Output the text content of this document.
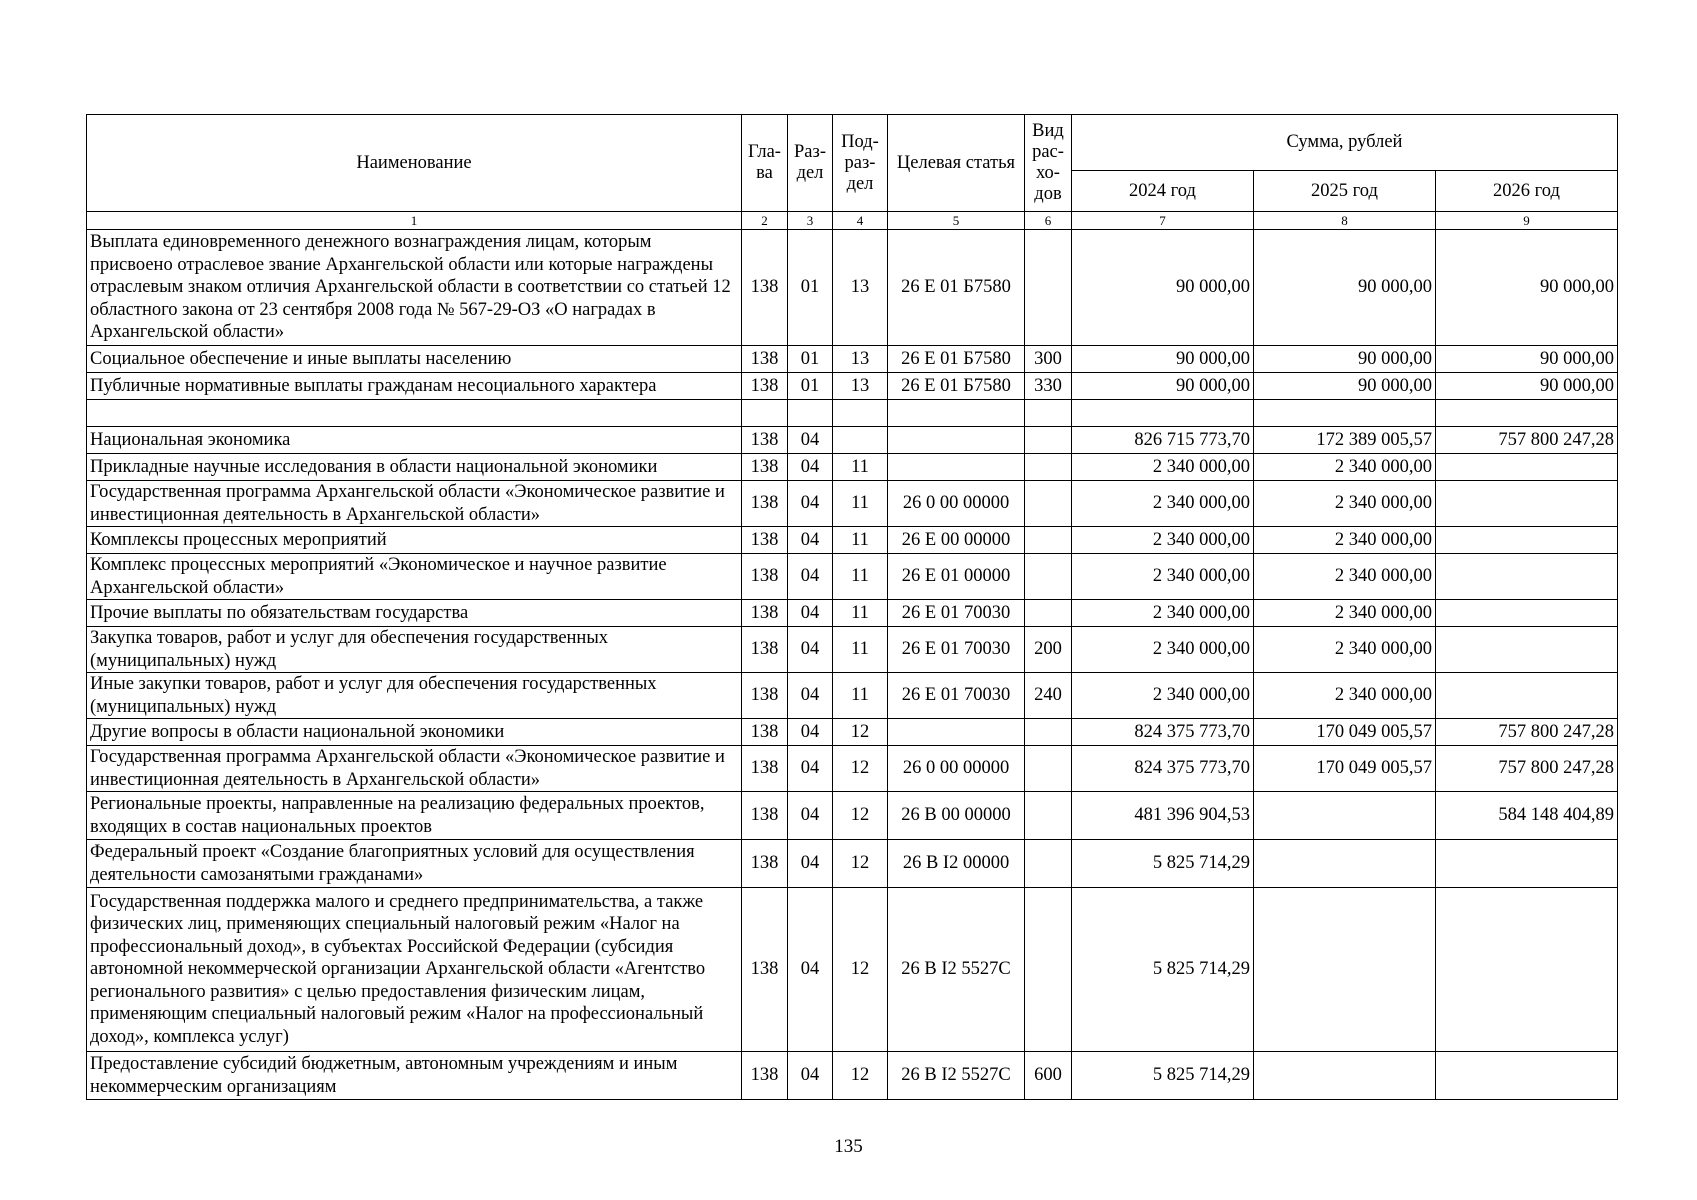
Наименование	Гла-ва	Раз-дел	Под-раз-дел	Целевая статья	Вид рас-хо-дов	Сумма, рублей		
						2024 год	2025 год	2026 год
1	2	3	4	5	6	7	8	9
Выплата единовременного денежного вознаграждения лицам, которым присвоено отраслевое звание Архангельской области или которые награждены отраслевым знаком отличия Архангельской области в соответствии со статьей 12 областного закона от 23 сентября 2008 года № 567-29-ОЗ «О наградах в Архангельской области»	138	01	13	26 Е 01 Б7580		90 000,00	90 000,00	90 000,00
Социальное обеспечение и иные выплаты населению	138	01	13	26 Е 01 Б7580	300	90 000,00	90 000,00	90 000,00
Публичные нормативные выплаты гражданам несоциального характера	138	01	13	26 Е 01 Б7580	330	90 000,00	90 000,00	90 000,00

Национальная экономика	138	04				826 715 773,70	172 389 005,57	757 800 247,28
Прикладные научные исследования в области национальной экономики	138	04	11			2 340 000,00	2 340 000,00	
Государственная программа Архангельской области «Экономическое развитие и инвестиционная деятельность в Архангельской области»	138	04	11	26 0 00 00000		2 340 000,00	2 340 000,00	
Комплексы процессных мероприятий	138	04	11	26 Е 00 00000		2 340 000,00	2 340 000,00	
Комплекс процессных мероприятий «Экономическое и научное развитие Архангельской области»	138	04	11	26 Е 01 00000		2 340 000,00	2 340 000,00	
Прочие выплаты по обязательствам государства	138	04	11	26 Е 01 70030		2 340 000,00	2 340 000,00	
Закупка товаров, работ и услуг для обеспечения государственных (муниципальных) нужд	138	04	11	26 Е 01 70030	200	2 340 000,00	2 340 000,00	
Иные закупки товаров, работ и услуг для обеспечения государственных (муниципальных) нужд	138	04	11	26 Е 01 70030	240	2 340 000,00	2 340 000,00	
Другие вопросы в области национальной экономики	138	04	12			824 375 773,70	170 049 005,57	757 800 247,28
Государственная программа Архангельской области «Экономическое развитие и инвестиционная деятельность в Архангельской области»	138	04	12	26 0 00 00000		824 375 773,70	170 049 005,57	757 800 247,28
Региональные проекты, направленные на реализацию федеральных проектов, входящих в состав национальных проектов	138	04	12	26 В 00 00000		481 396 904,53		584 148 404,89
Федеральный проект «Создание благоприятных условий для осуществления деятельности самозанятыми гражданами»	138	04	12	26 В I2 00000		5 825 714,29		
Государственная поддержка малого и среднего предпринимательства, а также физических лиц, применяющих специальный налоговый режим «Налог на профессиональный доход», в субъектах Российской Федерации (субсидия автономной некоммерческой организации Архангельской области «Агентство регионального развития» с целью предоставления физическим лицам, применяющим специальный налоговый режим «Налог на профессиональный доход», комплекса услуг)	138	04	12	26 В I2 5527С		5 825 714,29		
Предоставление субсидий бюджетным, автономным учреждениям и иным некоммерческим организациям	138	04	12	26 В I2 5527С	600	5 825 714,29		
135
